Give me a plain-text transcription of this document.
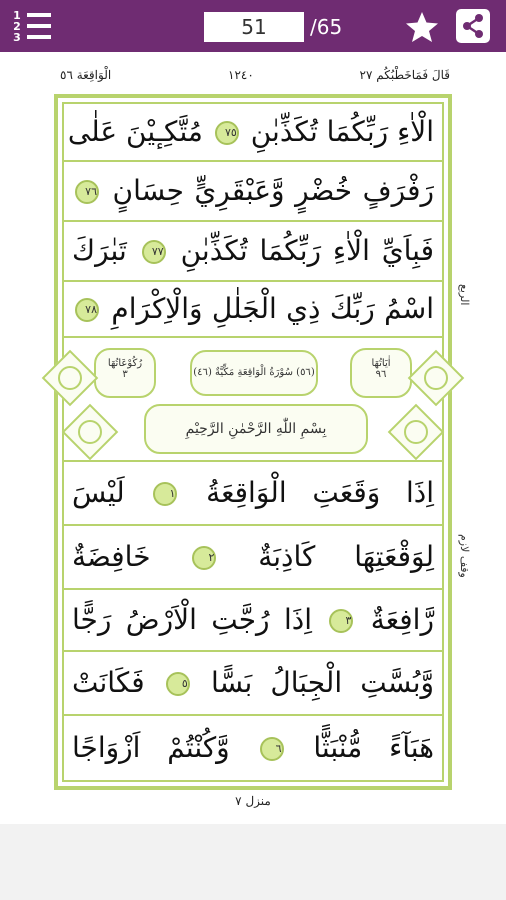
1
2
3	51	/65
قَالَ فَمَاخَطْبُكُم ٢٧
١٢٤٠
الْوَاقِعَة ٥٦
الْاٰءِ رَبِّكُمَا تُكَذِّبٰنِ ٧٥ مُتَّكِـٕيْنَ عَلٰى
رَفْرَفٍ خُضْرٍ وَّعَبْقَرِيٍّ حِسَانٍ ٧٦
فَبِاَيِّ الْاٰءِ رَبِّكُمَا تُكَذِّبٰنِ ٧٧ تَبٰرَكَ
اسْمُ رَبِّكَ ذِي الْجَلٰلِ وَالْاِكْرَامِ ٧٨
اٰيَاتُهَا
٩٦
(٥٦) سُوْرَةُ الْوَاقِعَةِ مَكِّيَّةٌ (٤٦)
رُكُوْعَاتُهَا
٣
بِسْمِ اللّٰهِ الرَّحْمٰنِ الرَّحِيْمِ
اِذَا وَقَعَتِ الْوَاقِعَةُ ١ لَيْسَ
لِوَقْعَتِهَا كَاذِبَةٌ ٢ خَافِضَةٌ
رَّافِعَةٌ ٣ اِذَا رُجَّتِ الْاَرْضُ رَجًّا
وَّبُسَّتِ الْجِبَالُ بَسًّا ٥ فَكَانَتْ
هَبَآءً مُّنْبَثًّا ٦ وَّكُنْتُمْ اَزْوَاجًا
الربع
وقف لازم
منزل ٧
